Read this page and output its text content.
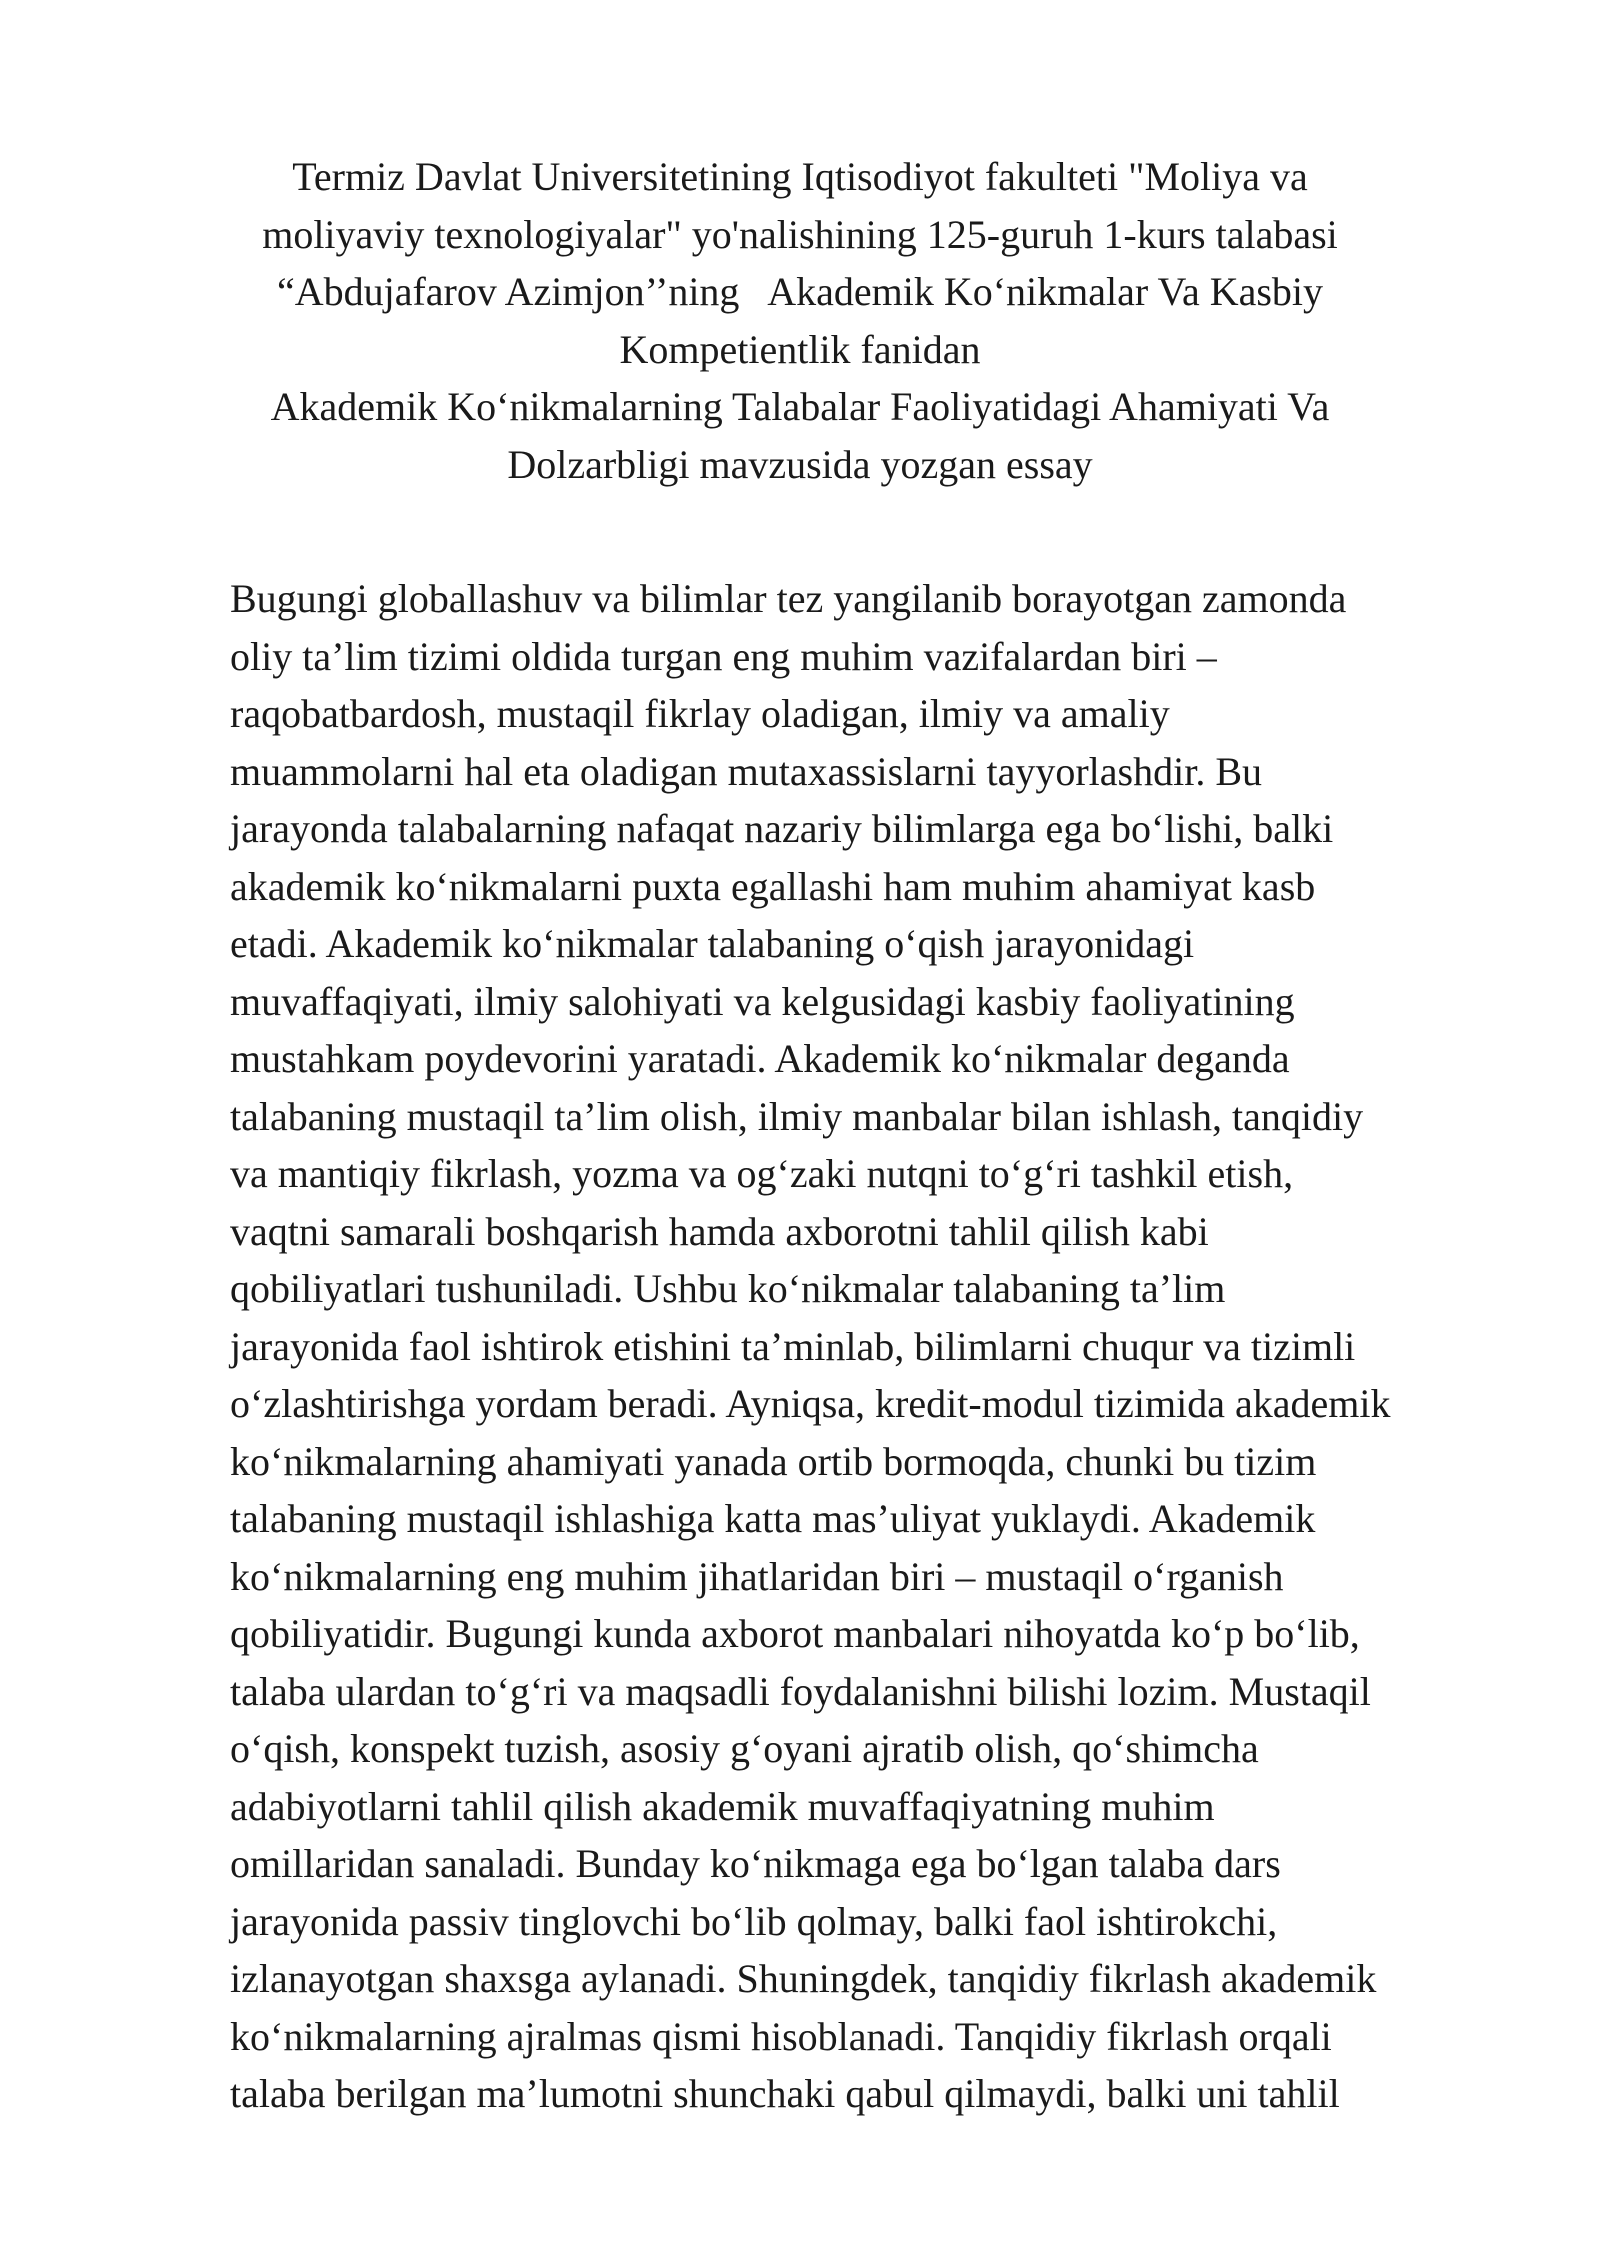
Termiz Davlat Universitetining Iqtisodiyot fakulteti "Moliya va
moliyaviy texnologiyalar" yo'nalishining 125-guruh 1-kurs talabasi
“Abdujafarov Azimjon’’ning   Akademik Ko‘nikmalar Va Kasbiy
Kompetientlik fanidan
Akademik Ko‘nikmalarning Talabalar Faoliyatidagi Ahamiyati Va
Dolzarbligi mavzusida yozgan essay
Bugungi globallashuv va bilimlar tez yangilanib borayotgan zamonda
oliy ta’lim tizimi oldida turgan eng muhim vazifalardan biri –
raqobatbardosh, mustaqil fikrlay oladigan, ilmiy va amaliy
muammolarni hal eta oladigan mutaxassislarni tayyorlashdir. Bu
jarayonda talabalarning nafaqat nazariy bilimlarga ega bo‘lishi, balki
akademik ko‘nikmalarni puxta egallashi ham muhim ahamiyat kasb
etadi. Akademik ko‘nikmalar talabaning o‘qish jarayonidagi
muvaffaqiyati, ilmiy salohiyati va kelgusidagi kasbiy faoliyatining
mustahkam poydevorini yaratadi. Akademik ko‘nikmalar deganda
talabaning mustaqil ta’lim olish, ilmiy manbalar bilan ishlash, tanqidiy
va mantiqiy fikrlash, yozma va og‘zaki nutqni to‘g‘ri tashkil etish,
vaqtni samarali boshqarish hamda axborotni tahlil qilish kabi
qobiliyatlari tushuniladi. Ushbu ko‘nikmalar talabaning ta’lim
jarayonida faol ishtirok etishini ta’minlab, bilimlarni chuqur va tizimli
o‘zlashtirishga yordam beradi. Ayniqsa, kredit-modul tizimida akademik
ko‘nikmalarning ahamiyati yanada ortib bormoqda, chunki bu tizim
talabaning mustaqil ishlashiga katta mas’uliyat yuklaydi. Akademik
ko‘nikmalarning eng muhim jihatlaridan biri – mustaqil o‘rganish
qobiliyatidir. Bugungi kunda axborot manbalari nihoyatda ko‘p bo‘lib,
talaba ulardan to‘g‘ri va maqsadli foydalanishni bilishi lozim. Mustaqil
o‘qish, konspekt tuzish, asosiy g‘oyani ajratib olish, qo‘shimcha
adabiyotlarni tahlil qilish akademik muvaffaqiyatning muhim
omillaridan sanaladi. Bunday ko‘nikmaga ega bo‘lgan talaba dars
jarayonida passiv tinglovchi bo‘lib qolmay, balki faol ishtirokchi,
izlanayotgan shaxsga aylanadi. Shuningdek, tanqidiy fikrlash akademik
ko‘nikmalarning ajralmas qismi hisoblanadi. Tanqidiy fikrlash orqali
talaba berilgan ma’lumotni shunchaki qabul qilmaydi, balki uni tahlil
